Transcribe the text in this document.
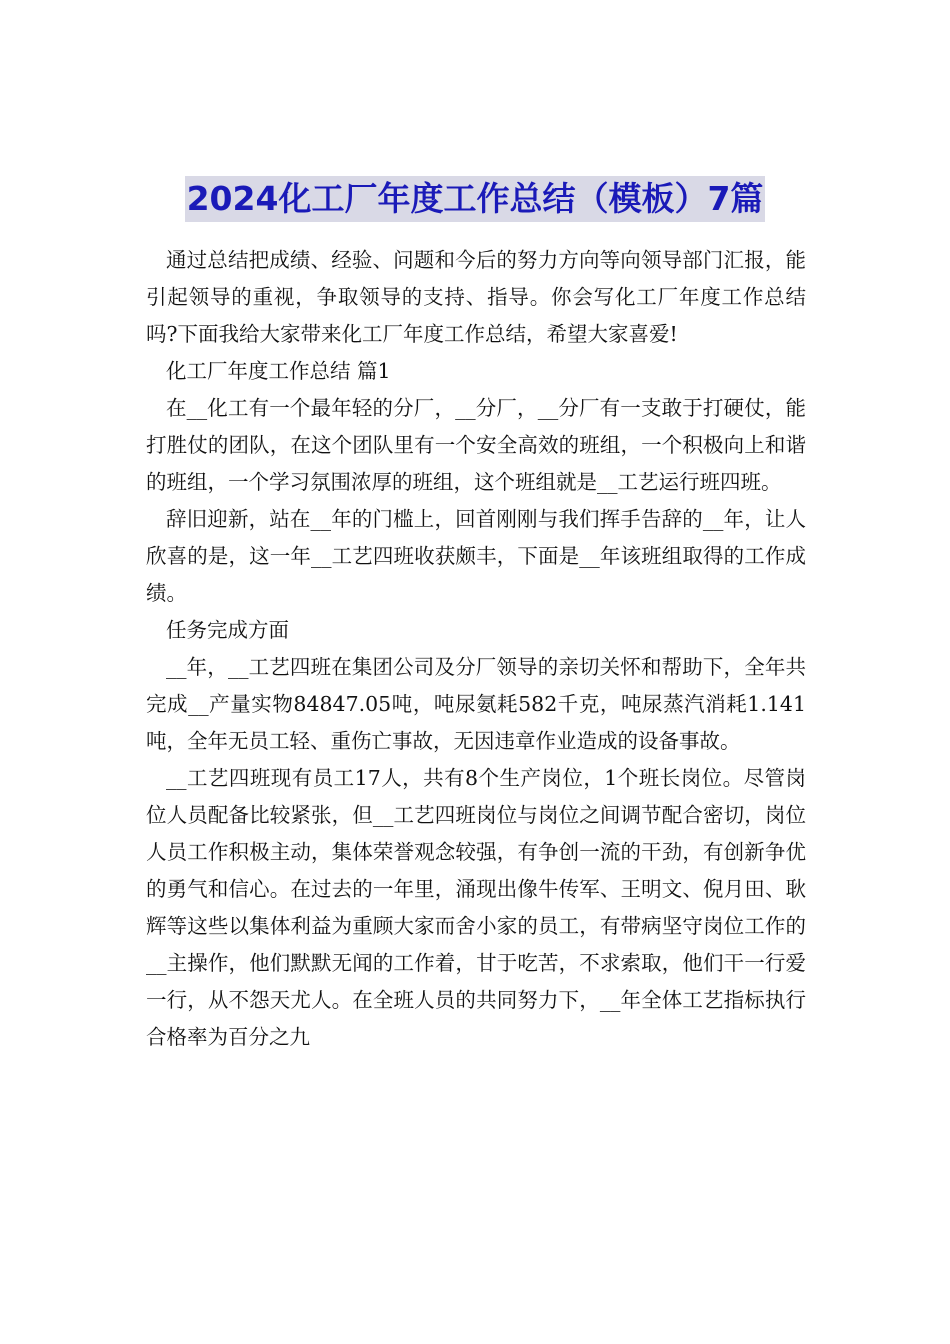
2024化工厂年度工作总结（模板）7篇

通过总结把成绩、经验、问题和今后的努力方向等向领导部门汇报，能引起领导的重视，争取领导的支持、指导。你会写化工厂年度工作总结吗?下面我给大家带来化工厂年度工作总结，希望大家喜爱!

化工厂年度工作总结 篇1

在__化工有一个最年轻的分厂，__分厂，__分厂有一支敢于打硬仗，能打胜仗的团队，在这个团队里有一个安全高效的班组，一个积极向上和谐的班组，一个学习氛围浓厚的班组，这个班组就是__工艺运行班四班。

辞旧迎新，站在__年的门槛上，回首刚刚与我们挥手告辞的__年，让人欣喜的是，这一年__工艺四班收获颇丰，下面是__年该班组取得的工作成绩。

任务完成方面

__年，__工艺四班在集团公司及分厂领导的亲切关怀和帮助下，全年共完成__产量实物84847.05吨，吨尿氨耗582千克，吨尿蒸汽消耗1.141吨，全年无员工轻、重伤亡事故，无因违章作业造成的设备事故。

__工艺四班现有员工17人，共有8个生产岗位，1个班长岗位。尽管岗位人员配备比较紧张，但__工艺四班岗位与岗位之间调节配合密切，岗位人员工作积极主动，集体荣誉观念较强，有争创一流的干劲，有创新争优的勇气和信心。在过去的一年里，涌现出像牛传军、王明文、倪月田、耿辉等这些以集体利益为重顾大家而舍小家的员工，有带病坚守岗位工作的__主操作，他们默默无闻的工作着，甘于吃苦，不求索取，他们干一行爱一行，从不怨天尤人。在全班人员的共同努力下，__年全体工艺指标执行合格率为百分之九
